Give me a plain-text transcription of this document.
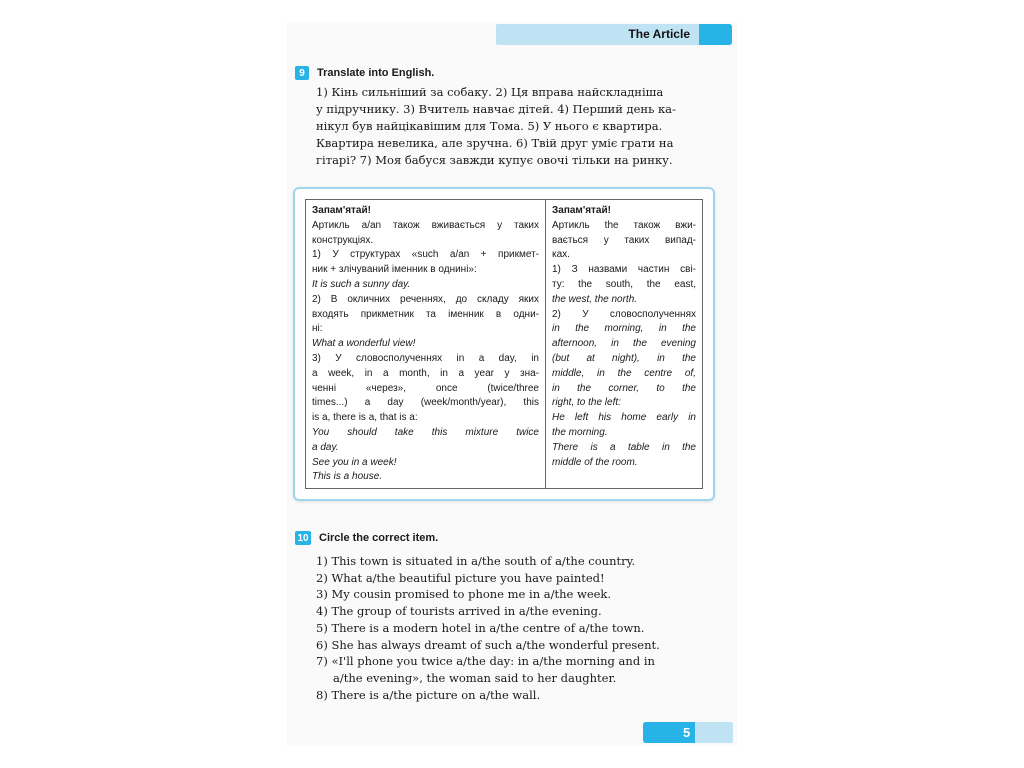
The Article
9	Translate into English.
1) Кінь сильніший за собаку. 2) Ця вправа найскладніша
у підручнику. 3) Вчитель навчає дітей. 4) Перший день ка-
нікул був найцікавішим для Тома. 5) У нього є квартира.
Квартира невелика, але зручна. 6) Твій друг уміє грати на
гітарі? 7) Моя бабуся завжди купує овочі тільки на ринку.
Запам'ятай!
Артикль a/an також вживається у таких
конструкціях.
1) У структурах «such a/an + прикмет-
ник + злічуваний іменник в однині»:
It is such a sunny day.
2) В окличних реченнях, до складу яких
входять прикметник та іменник в одни-
ні:
What a wonderful view!
3) У словосполученнях in a day, in
a week, in a month, in a year у зна-
ченні «через», once (twice/three
times...) a day (week/month/year), this
is a, there is a, that is a:
You should take this mixture twice
a day.
See you in a week!
This is a house.
Запам'ятай!
Артикль the також вжи-
вається у таких випад-
ках.
1) З назвами частин сві-
ту: the south, the east,
the west, the north.
2) У словосполученнях
in the morning, in the
afternoon, in the evening
(but at night), in the
middle, in the centre of,
in the corner, to the
right, to the left:
He left his home early in
the morning.
There is a table in the
middle of the room.
10 Circle the correct item.
1) This town is situated in a/the south of a/the country.
2) What a/the beautiful picture you have painted!
3) My cousin promised to phone me in a/the week.
4) The group of tourists arrived in a/the evening.
5) There is a modern hotel in a/the centre of a/the town.
6) She has always dreamt of such a/the wonderful present.
7) «I'll phone you twice a/the day: in a/the morning and in
a/the evening», the woman said to her daughter.
8) There is a/the picture on a/the wall.
5
